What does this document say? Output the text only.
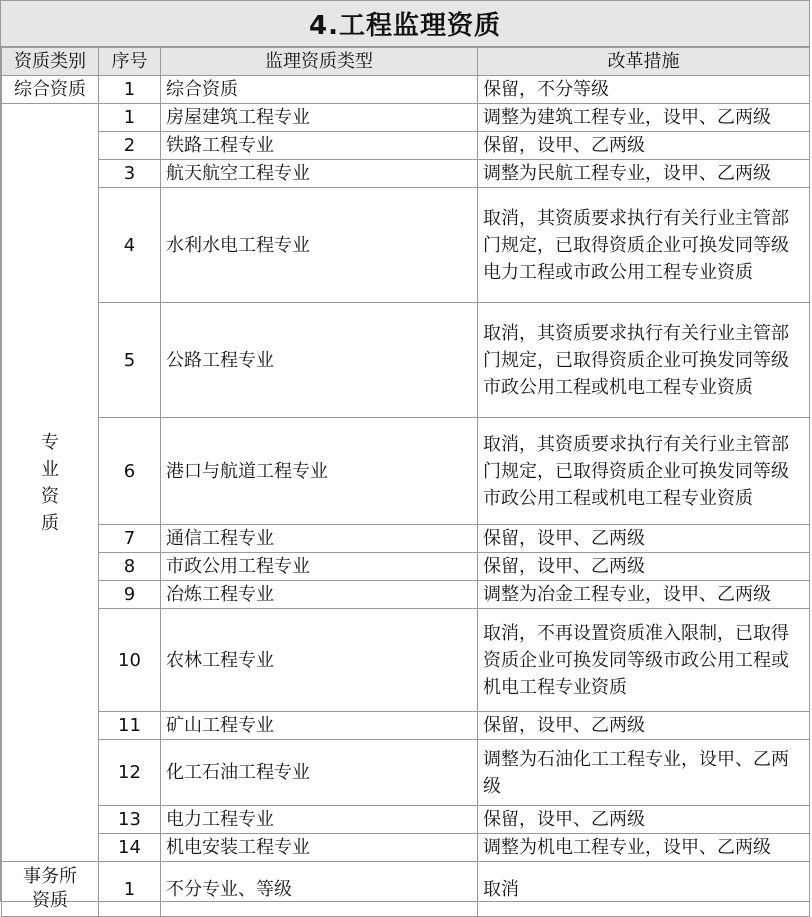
4.工程监理资质
资质类别	序号	监理资质类型	改革措施
综合资质	1	综合资质	保留，不分等级
专业资质	1	房屋建筑工程专业	调整为建筑工程专业，设甲、乙两级
	2	铁路工程专业	保留，设甲、乙两级
	3	航天航空工程专业	调整为民航工程专业，设甲、乙两级
	4	水利水电工程专业	取消，其资质要求执行有关行业主管部门规定，已取得资质企业可换发同等级电力工程或市政公用工程专业资质
	5	公路工程专业	取消，其资质要求执行有关行业主管部门规定，已取得资质企业可换发同等级市政公用工程或机电工程专业资质
	6	港口与航道工程专业	取消，其资质要求执行有关行业主管部门规定，已取得资质企业可换发同等级市政公用工程或机电工程专业资质
	7	通信工程专业	保留，设甲、乙两级
	8	市政公用工程专业	保留，设甲、乙两级
	9	冶炼工程专业	调整为冶金工程专业，设甲、乙两级
	10	农林工程专业	取消，不再设置资质准入限制，已取得资质企业可换发同等级市政公用工程或机电工程专业资质
	11	矿山工程专业	保留，设甲、乙两级
	12	化工石油工程专业	调整为石油化工工程专业，设甲、乙两级
	13	电力工程专业	保留，设甲、乙两级
	14	机电安装工程专业	调整为机电工程专业，设甲、乙两级
事务所资质	1	不分专业、等级	取消
